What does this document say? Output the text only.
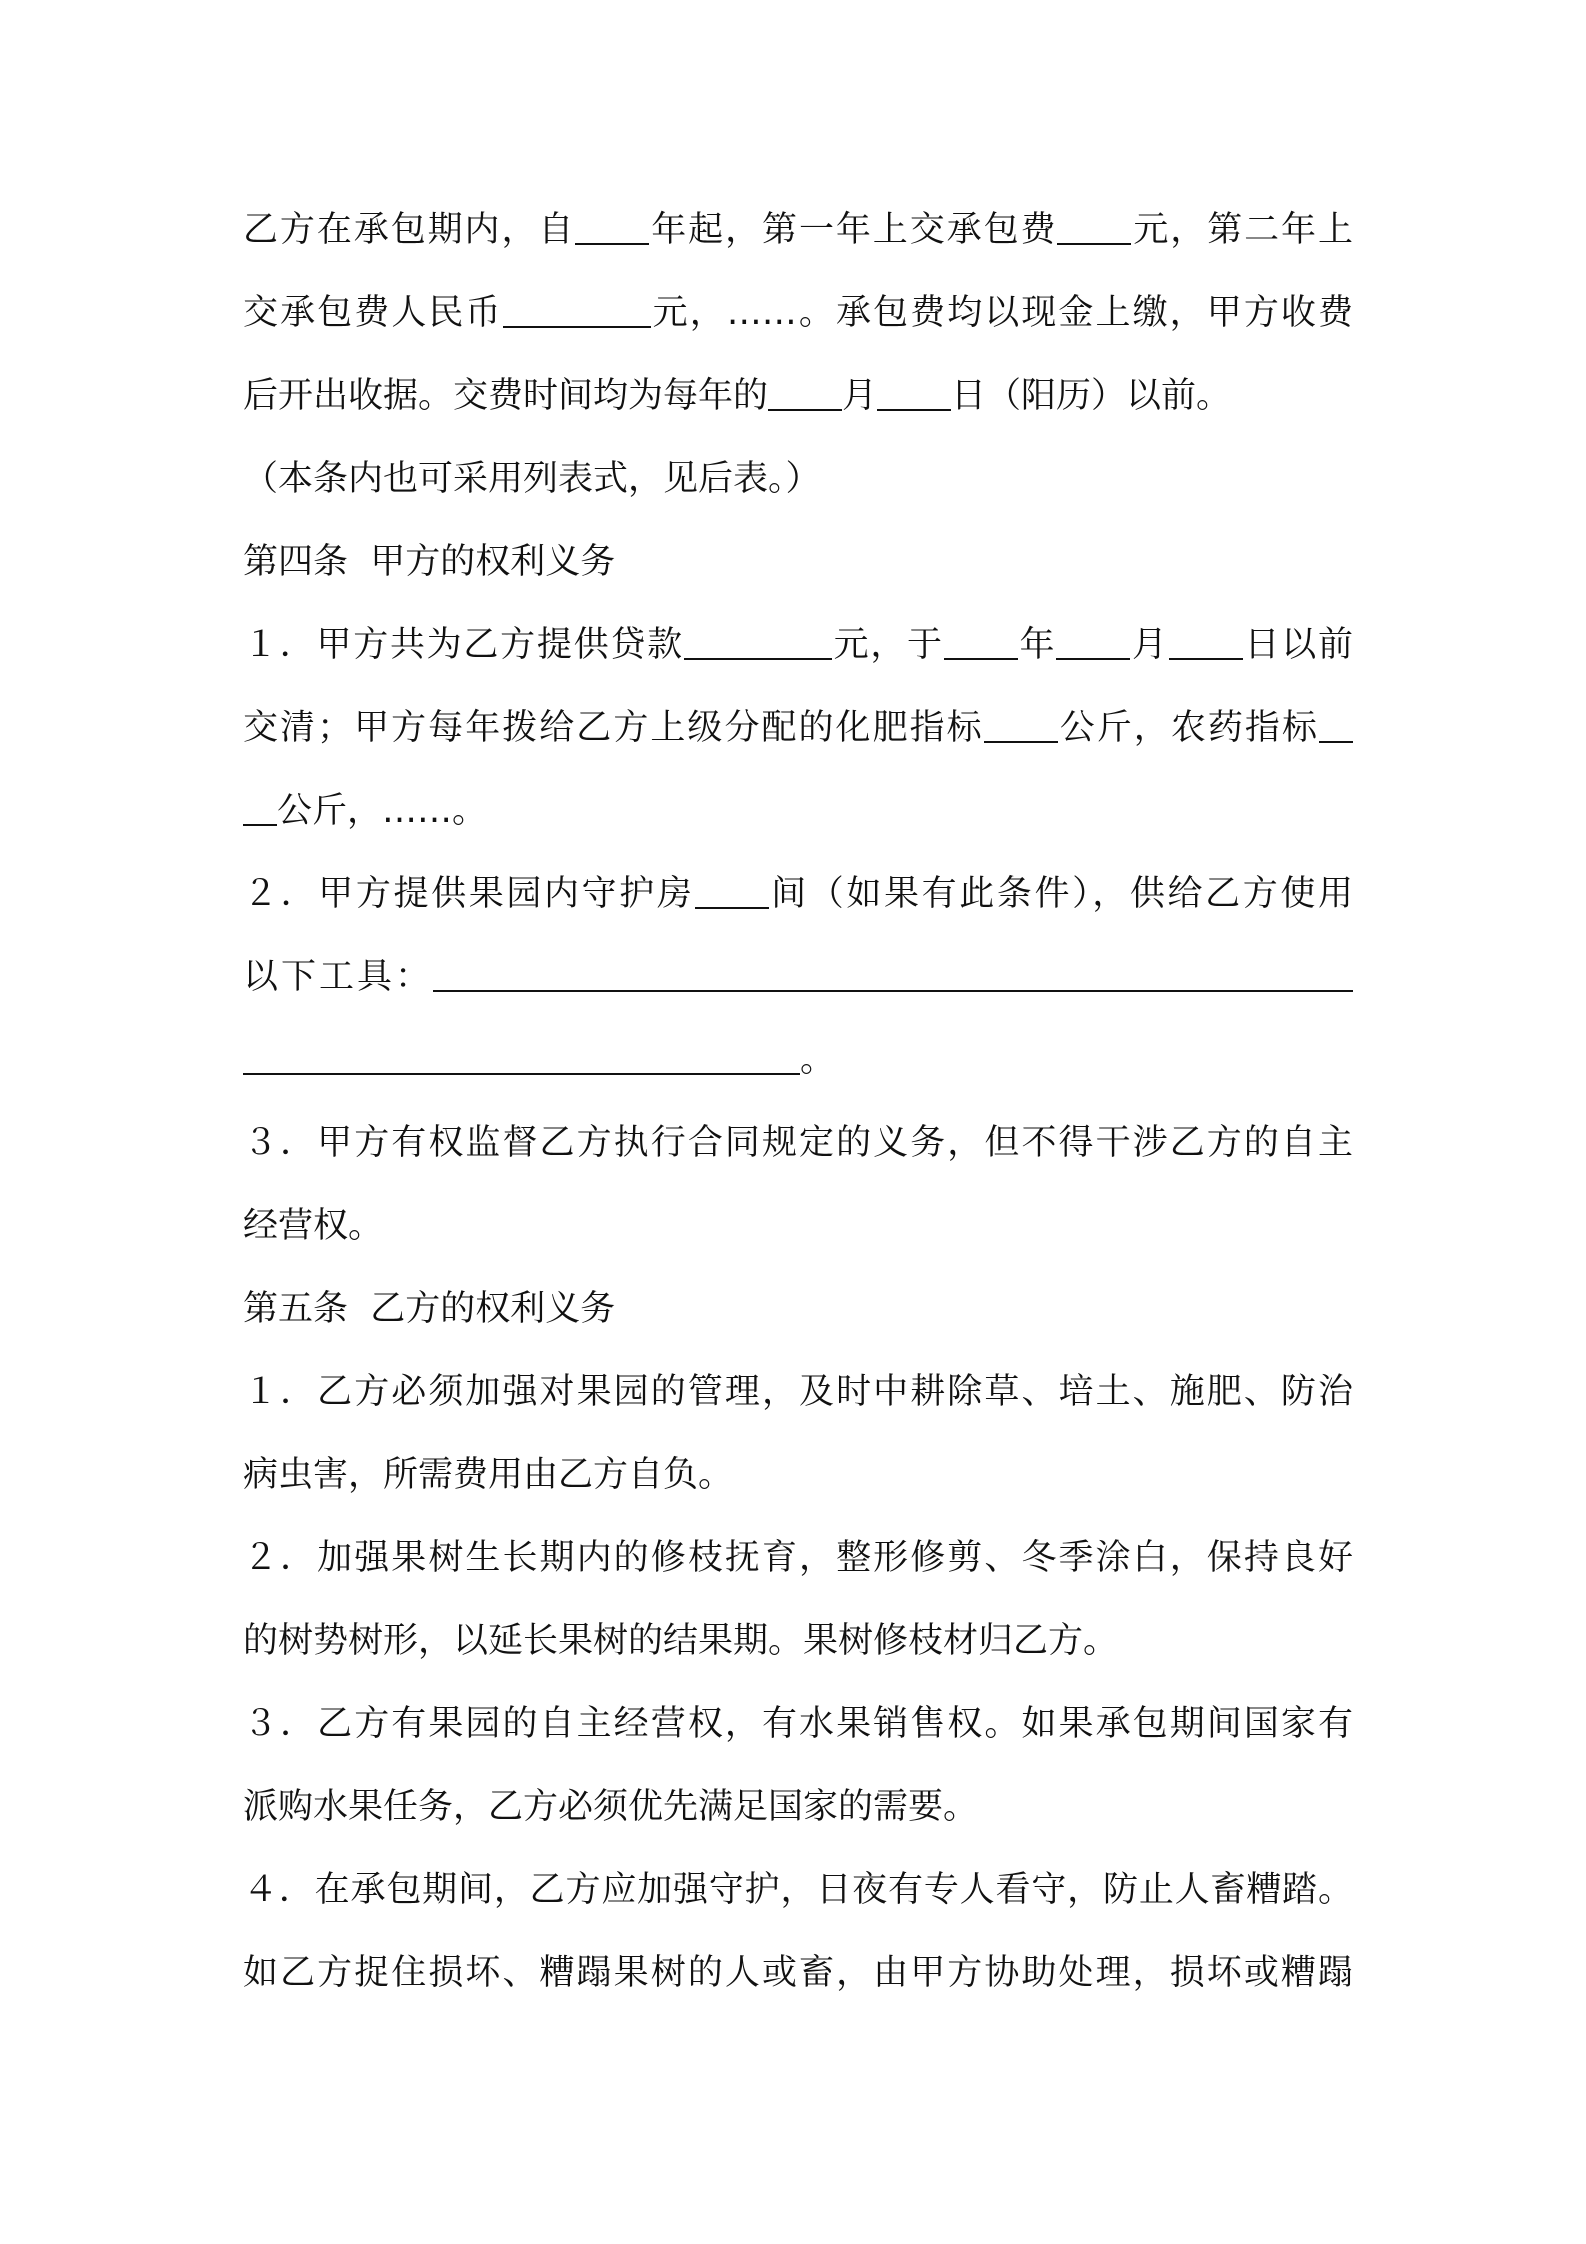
乙方在承包期内，自 年起，第一年上交承包费 元，第二年上
交承包费人民币	元，……。承包费均以现金上缴，甲方收费
后开出收据。交费时间均为每年的 月 日（阳历）以前。
（本条内也可采用列表式，见后表。）
第四条  甲方的权利义务
１．甲方共为乙方提供贷款	元，于 年 月 日以前
交清；甲方每年拨给乙方上级分配的化肥指标 公斤，农药指标
公斤，……。
２．甲方提供果园内守护房 间（如果有此条件），供给乙方使用
以下工具：
。
３．甲方有权监督乙方执行合同规定的义务，但不得干涉乙方的自主
经营权。
第五条  乙方的权利义务
１．乙方必须加强对果园的管理，及时中耕除草、培土、施肥、防治
病虫害，所需费用由乙方自负。
２．加强果树生长期内的修枝抚育，整形修剪、冬季涂白，保持良好
的树势树形，以延长果树的结果期。果树修枝材归乙方。
３．乙方有果园的自主经营权，有水果销售权。如果承包期间国家有
派购水果任务，乙方必须优先满足国家的需要。
４．在承包期间，乙方应加强守护，日夜有专人看守，防止人畜糟踏。
如乙方捉住损坏、糟蹋果树的人或畜，由甲方协助处理，损坏或糟蹋
